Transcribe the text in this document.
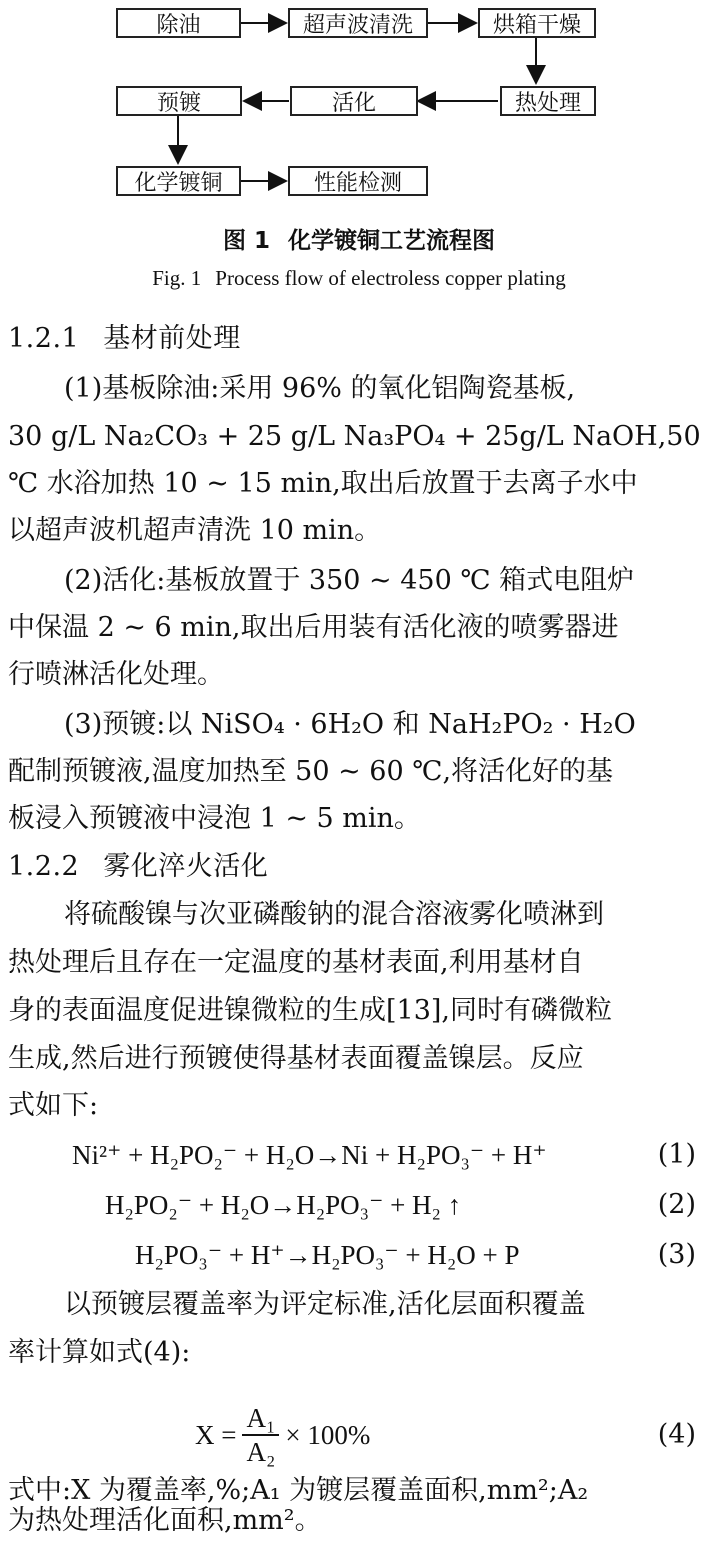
除油	超声波清洗	烘箱干燥
热处理
活化
预镀
化学镀铜	性能检测
图 1 化学镀铜工艺流程图
Fig. 1 Process flow of electroless copper plating
1.2.1 基材前处理
(1)基板除油:采用 96% 的氧化铝陶瓷基板,
30 g/L Na₂CO₃ + 25 g/L Na₃PO₄ + 25g/L NaOH,50
℃ 水浴加热 10 ~ 15 min,取出后放置于去离子水中
以超声波机超声清洗 10 min。
(2)活化:基板放置于 350 ~ 450 ℃ 箱式电阻炉
中保温 2 ~ 6 min,取出后用装有活化液的喷雾器进
行喷淋活化处理。
(3)预镀:以 NiSO₄ · 6H₂O 和 NaH₂PO₂ · H₂O
配制预镀液,温度加热至 50 ~ 60 ℃,将活化好的基
板浸入预镀液中浸泡 1 ~ 5 min。
1.2.2 雾化淬火活化
将硫酸镍与次亚磷酸钠的混合溶液雾化喷淋到
热处理后且存在一定温度的基材表面,利用基材自
身的表面温度促进镍微粒的生成[13],同时有磷微粒
生成,然后进行预镀使得基材表面覆盖镍层。反应
式如下:
Ni²⁺ + H₂PO₂⁻ + H₂O→Ni + H₂PO₃⁻ + H⁺	(1)
H₂PO₂⁻ + H₂O→H₂PO₃⁻ + H₂ ↑	(2)
H₂PO₃⁻ + H⁺→H₂PO₃⁻ + H₂O + P	(3)
以预镀层覆盖率为评定标准,活化层面积覆盖
率计算如式(4):
$X = \frac{\text{A₁}}{\text{A₂}} \times 100\%$	(4)
式中:X 为覆盖率,%;A₁ 为镀层覆盖面积,mm²;A₂
为热处理活化面积,mm²。
